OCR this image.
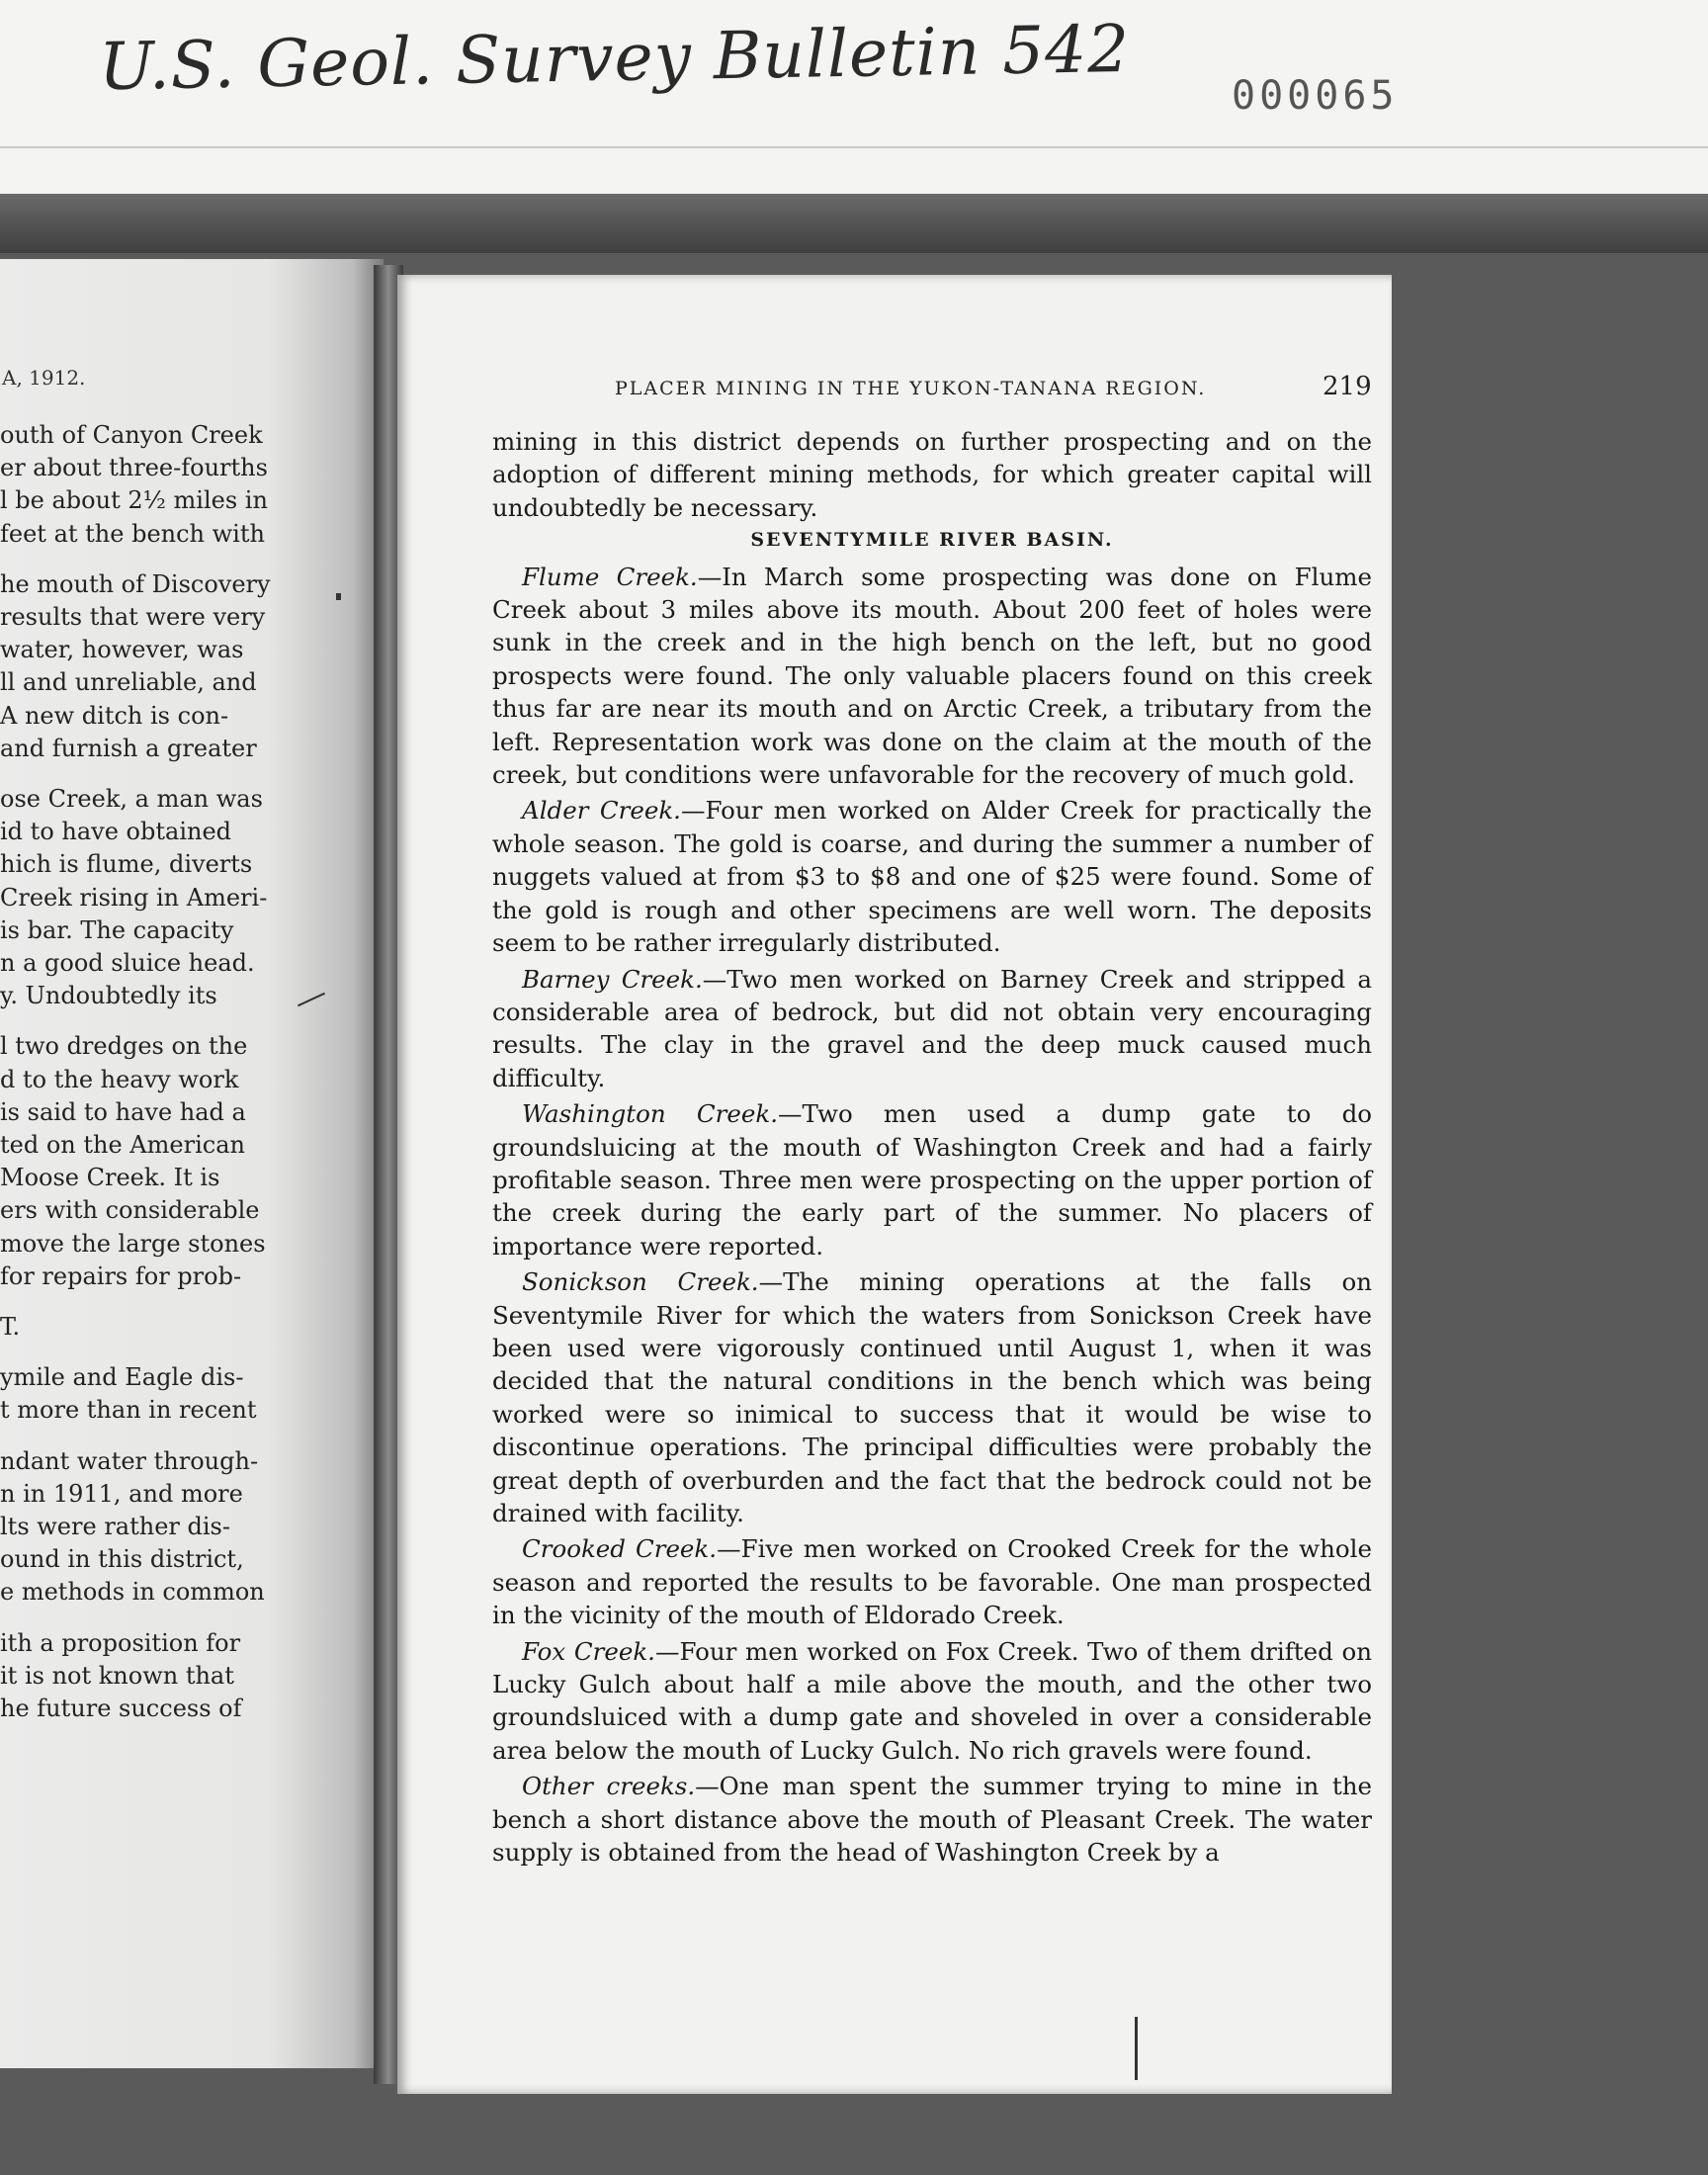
U.S. Geol. Survey Bulletin 542	000065
A, 1912.
outh of Canyon Creek
er about three-fourths
l be about 2½ miles in
feet at the bench with
he mouth of Discovery
results that were very
water, however, was
ll and unreliable, and
A new ditch is con-
and furnish a greater
ose Creek, a man was
id to have obtained
hich is flume, diverts
Creek rising in Ameri-
is bar. The capacity
n a good sluice head.
y. Undoubtedly its
l two dredges on the
d to the heavy work
is said to have had a
ted on the American
Moose Creek. It is
ers with considerable
move the large stones
for repairs for prob-
T.
ymile and Eagle dis-
t more than in recent
ndant water through-
n in 1911, and more
lts were rather dis-
ound in this district,
e methods in common
ith a proposition for
it is not known that
he future success of
PLACER MINING IN THE YUKON-TANANA REGION.	219

mining in this district depends on further prospecting and on the adoption of different mining methods, for which greater capital will undoubtedly be necessary.

SEVENTYMILE RIVER BASIN.

Flume Creek.—In March some prospecting was done on Flume Creek about 3 miles above its mouth. About 200 feet of holes were sunk in the creek and in the high bench on the left, but no good prospects were found. The only valuable placers found on this creek thus far are near its mouth and on Arctic Creek, a tributary from the left. Representation work was done on the claim at the mouth of the creek, but conditions were unfavorable for the recovery of much gold.

Alder Creek.—Four men worked on Alder Creek for practically the whole season. The gold is coarse, and during the summer a number of nuggets valued at from $3 to $8 and one of $25 were found. Some of the gold is rough and other specimens are well worn. The deposits seem to be rather irregularly distributed.

Barney Creek.—Two men worked on Barney Creek and stripped a considerable area of bedrock, but did not obtain very encouraging results. The clay in the gravel and the deep muck caused much difficulty.

Washington Creek.—Two men used a dump gate to do groundsluicing at the mouth of Washington Creek and had a fairly profitable season. Three men were prospecting on the upper portion of the creek during the early part of the summer. No placers of importance were reported.

Sonickson Creek.—The mining operations at the falls on Seventymile River for which the waters from Sonickson Creek have been used were vigorously continued until August 1, when it was decided that the natural conditions in the bench which was being worked were so inimical to success that it would be wise to discontinue operations. The principal difficulties were probably the great depth of overburden and the fact that the bedrock could not be drained with facility.

Crooked Creek.—Five men worked on Crooked Creek for the whole season and reported the results to be favorable. One man prospected in the vicinity of the mouth of Eldorado Creek.

Fox Creek.—Four men worked on Fox Creek. Two of them drifted on Lucky Gulch about half a mile above the mouth, and the other two groundsluiced with a dump gate and shoveled in over a considerable area below the mouth of Lucky Gulch. No rich gravels were found.

Other creeks.—One man spent the summer trying to mine in the bench a short distance above the mouth of Pleasant Creek. The water supply is obtained from the head of Washington Creek by a
